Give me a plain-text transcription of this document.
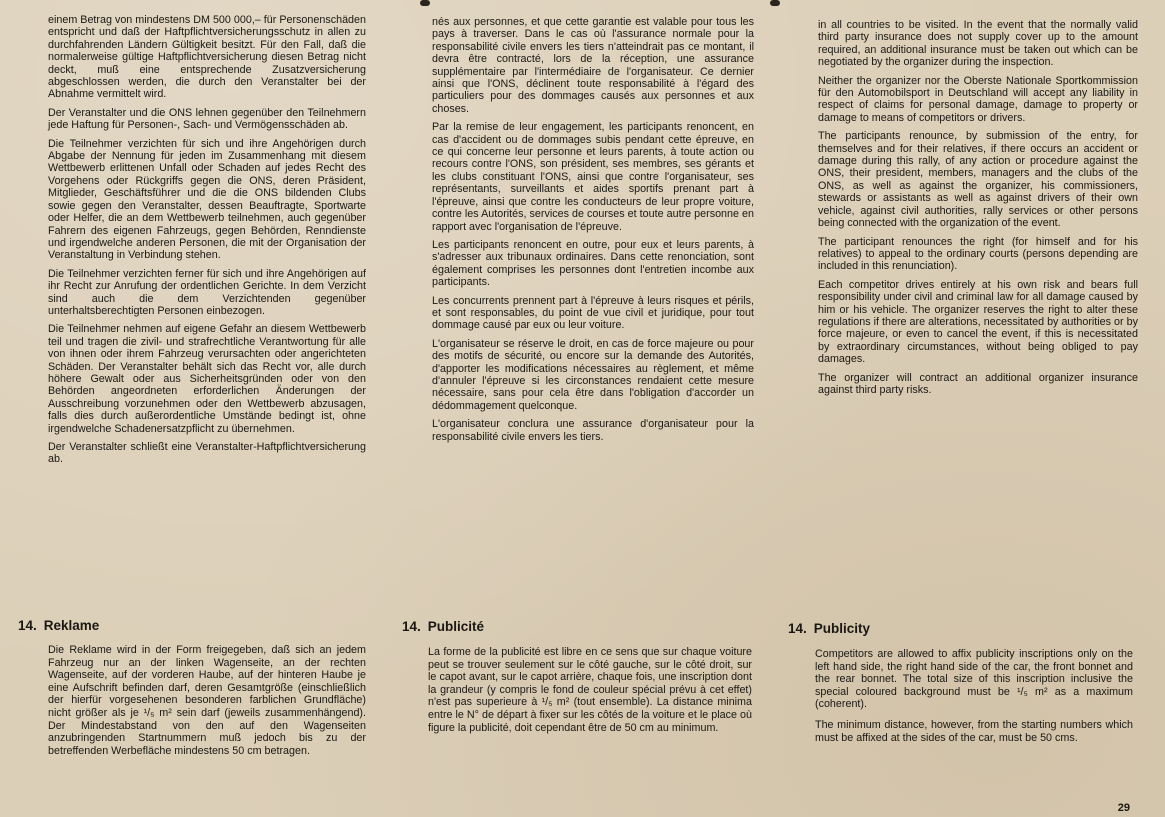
einem Betrag von mindestens DM 500 000,– für Personenschäden entspricht und daß der Haftpflichtversicherungsschutz in allen zu durchfahrenden Ländern Gültigkeit besitzt. Für den Fall, daß die normalerweise gültige Haftpflichtversicherung diesen Betrag nicht deckt, muß eine entsprechende Zusatzversicherung abgeschlossen werden, die durch den Veranstalter bei der Abnahme vermittelt wird.

Der Veranstalter und die ONS lehnen gegenüber den Teilnehmern jede Haftung für Personen-, Sach- und Vermögensschäden ab.

Die Teilnehmer verzichten für sich und ihre Angehörigen durch Abgabe der Nennung für jeden im Zusammenhang mit diesem Wettbewerb erlittenen Unfall oder Schaden auf jedes Recht des Vorgehens oder Rückgriffs gegen die ONS, deren Präsident, Mitglieder, Geschäftsführer und die die ONS bildenden Clubs sowie gegen den Veranstalter, dessen Beauftragte, Sportwarte oder Helfer, die an dem Wettbewerb teilnehmen, auch gegenüber Fahrern des eigenen Fahrzeugs, gegen Behörden, Renndienste und irgendwelche anderen Personen, die mit der Organisation der Veranstaltung in Verbindung stehen.

Die Teilnehmer verzichten ferner für sich und ihre Angehörigen auf ihr Recht zur Anrufung der ordentlichen Gerichte. In dem Verzicht sind auch die dem Verzichtenden gegenüber unterhaltsberechtigten Personen einbezogen.

Die Teilnehmer nehmen auf eigene Gefahr an diesem Wettbewerb teil und tragen die zivil- und strafrechtliche Verantwortung für alle von ihnen oder ihrem Fahrzeug verursachten oder angerichteten Schäden. Der Veranstalter behält sich das Recht vor, alle durch höhere Gewalt oder aus Sicherheitsgründen oder von den Behörden angeordneten erforderlichen Änderungen der Ausschreibung vorzunehmen oder den Wettbewerb abzusagen, falls dies durch außerordentliche Umstände bedingt ist, ohne irgendwelche Schadenersatzpflicht zu übernehmen.

Der Veranstalter schließt eine Veranstalter-Haftpflichtversicherung ab.

nés aux personnes, et que cette garantie est valable pour tous les pays à traverser. Dans le cas où l'assurance normale pour la responsabilité civile envers les tiers n'atteindrait pas ce montant, il devra être contracté, lors de la réception, une assurance supplémentaire par l'intermédiaire de l'organisateur. Ce dernier ainsi que l'ONS, déclinent toute responsabilité à l'égard des particuliers pour des dommages causés aux personnes et aux choses.

Par la remise de leur engagement, les participants renoncent, en cas d'accident ou de dommages subis pendant cette épreuve, en ce qui concerne leur personne et leurs parents, à toute action ou recours contre l'ONS, son président, ses membres, ses gérants et les clubs constituant l'ONS, ainsi que contre l'organisateur, ses représentants, surveillants et aides sportifs prenant part à l'épreuve, ainsi que contre les conducteurs de leur propre voiture, contre les Autorités, services de courses et toute autre personne en rapport avec l'organisation de l'épreuve.

Les participants renoncent en outre, pour eux et leurs parents, à s'adresser aux tribunaux ordinaires. Dans cette renonciation, sont également comprises les personnes dont l'entretien incombe aux participants.

Les concurrents prennent part à l'épreuve à leurs risques et périls, et sont responsables, du point de vue civil et juridique, pour tout dommage causé par eux ou leur voiture.

L'organisateur se réserve le droit, en cas de force majeure ou pour des motifs de sécurité, ou encore sur la demande des Autorités, d'apporter les modifications nécessaires au règlement, et même d'annuler l'épreuve si les circonstances rendaient cette mesure nécessaire, sans pour cela être dans l'obligation d'accorder un dédommagement quelconque.

L'organisateur conclura une assurance d'organisateur pour la responsabilité civile envers les tiers.

in all countries to be visited. In the event that the normally valid third party insurance does not supply cover up to the amount required, an additional insurance must be taken out which can be negotiated by the organizer during the inspection.

Neither the organizer nor the Oberste Nationale Sportkommission für den Automobilsport in Deutschland will accept any liability in respect of claims for personal damage, damage to property or damage to means of competitors or drivers.

The participants renounce, by submission of the entry, for themselves and for their relatives, if there occurs an accident or damage during this rally, of any action or procedure against the ONS, their president, members, managers and the clubs of the ONS, as well as against the organizer, his commissioners, stewards or assistants as well as against drivers of their own vehicle, against civil authorities, rally services or other persons being connected with the organization of the event.

The participant renounces the right (for himself and for his relatives) to appeal to the ordinary courts (persons depending are included in this renunciation).

Each competitor drives entirely at his own risk and bears full responsibility under civil and criminal law for all damage caused by him or his vehicle. The organizer reserves the right to alter these regulations if there are alterations, necessitated by authorities or by force majeure, or even to cancel the event, if this is necessitated by extraordinary circumstances, without being obliged to pay damages.

The organizer will contract an additional organizer insurance against third party risks.

14. Reklame	14. Publicité	14. Publicity

Die Reklame wird in der Form freigegeben, daß sich an jedem Fahrzeug nur an der linken Wagenseite, an der rechten Wagenseite, auf der vorderen Haube, auf der hinteren Haube je eine Aufschrift befinden darf, deren Gesamtgröße (einschließlich der hierfür vorgesehenen besonderen farblichen Grundfläche) nicht größer als je ¹/₅ m² sein darf (jeweils zusammenhängend). Der Mindestabstand von den auf den Wagenseiten anzubringenden Startnummern muß jedoch bis zu der betreffenden Werbefläche mindestens 50 cm betragen.

La forme de la publicité est libre en ce sens que sur chaque voiture peut se trouver seulement sur le côté gauche, sur le côté droit, sur le capot avant, sur le capot arrière, chaque fois, une inscription dont la grandeur (y compris le fond de couleur spécial prévu à cet effet) n'est pas superieure à ¹/₅ m² (tout ensemble). La distance minima entre le N° de départ à fixer sur les côtés de la voiture et le place où figure la publicité, doit cependant être de 50 cm au minimum.

Competitors are allowed to affix publicity inscriptions only on the left hand side, the right hand side of the car, the front bonnet and the rear bonnet. The total size of this inscription inclusive the special coloured background must be ¹/₅ m² as a maximum (coherent).

The minimum distance, however, from the starting numbers which must be affixed at the sides of the car, must be 50 cms.

29
